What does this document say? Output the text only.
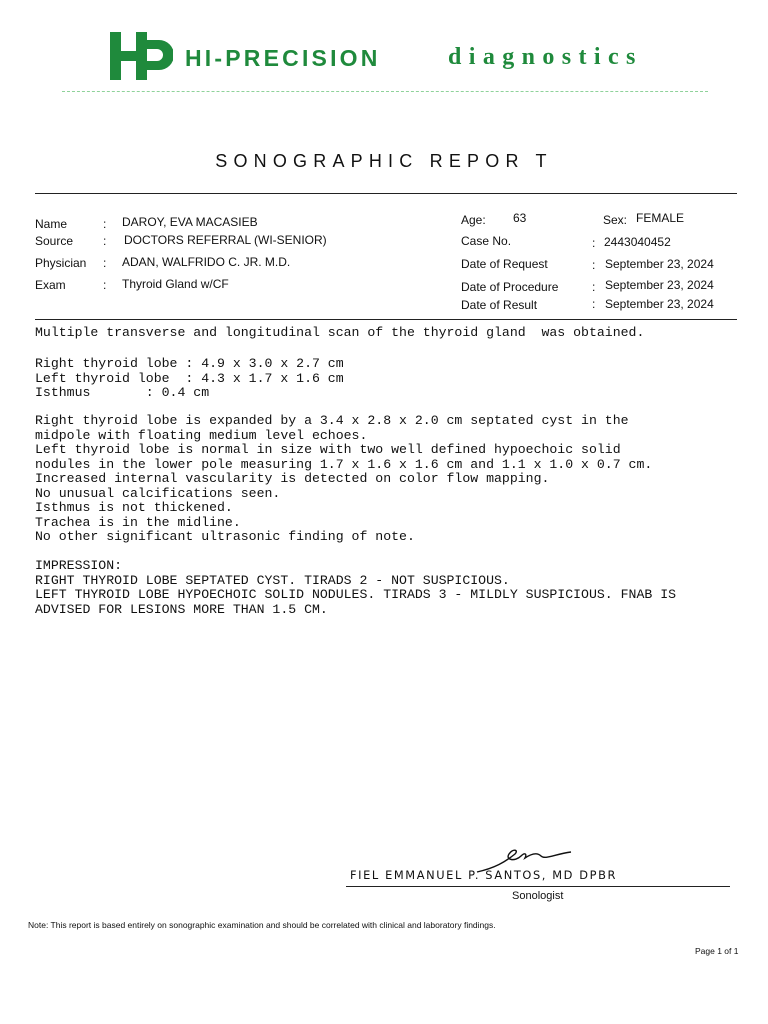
D HI-PRECISION	diagnostics
SONOGRAPHIC REPOR T
Name	: DAROY, EVA MACASIEB
Source : DOCTORS REFERRAL (WI-SENIOR)
Physician : ADAN, WALFRIDO C. JR. M.D.
Exam	: Thyroid Gland w/CF
Age: 63	Sex: FEMALE
Case No.	: 2443040452
Date of Request	: September 23, 2024
Date of Procedure	: September 23, 2024
Date of Result	: September 23, 2024
Multiple transverse and longitudinal scan of the thyroid gland  was obtained.
Right thyroid lobe : 4.9 x 3.0 x 2.7 cm
Left thyroid lobe  : 4.3 x 1.7 x 1.6 cm
Isthmus       : 0.4 cm
Right thyroid lobe is expanded by a 3.4 x 2.8 x 2.0 cm septated cyst in the
midpole with floating medium level echoes.
Left thyroid lobe is normal in size with two well defined hypoechoic solid
nodules in the lower pole measuring 1.7 x 1.6 x 1.6 cm and 1.1 x 1.0 x 0.7 cm.
Increased internal vascularity is detected on color flow mapping.
No unusual calcifications seen.
Isthmus is not thickened.
Trachea is in the midline.
No other significant ultrasonic finding of note.
IMPRESSION:
RIGHT THYROID LOBE SEPTATED CYST. TIRADS 2 - NOT SUSPICIOUS.
LEFT THYROID LOBE HYPOECHOIC SOLID NODULES. TIRADS 3 - MILDLY SUSPICIOUS. FNAB IS
ADVISED FOR LESIONS MORE THAN 1.5 CM.
FIEL EMMANUEL P. SANTOS, MD DPBR
Sonologist
Note: This report is based entirely on sonographic examination and should be correlated with clinical and laboratory findings.
Page 1 of 1
